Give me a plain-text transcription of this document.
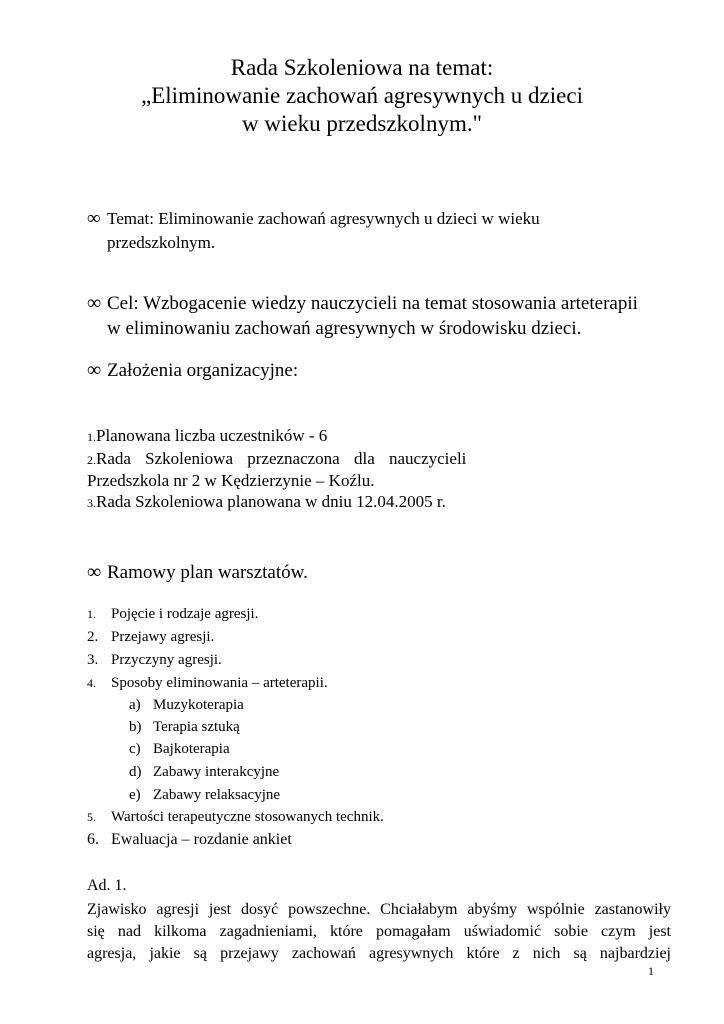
Rada Szkoleniowa na temat:
„Eliminowanie zachowań agresywnych u dzieci
w wieku przedszkolnym."
∞ Temat: Eliminowanie zachowań agresywnych u dzieci w wieku
przedszkolnym.
∞ Cel: Wzbogacenie wiedzy nauczycieli na temat stosowania arteterapii
w eliminowaniu zachowań agresywnych w środowisku dzieci.
∞ Założenia organizacyjne:
1.Planowana liczba uczestników - 6
2.Rada Szkoleniowa przeznaczona dla nauczycieli
Przedszkola nr 2 w Kędzierzynie – Koźlu.
3.Rada Szkoleniowa planowana w dniu 12.04.2005 r.
∞ Ramowy plan warsztatów.
1. Pojęcie i rodzaje agresji.
2. Przejawy agresji.
3. Przyczyny agresji.
4. Sposoby eliminowania – arteterapii.
a) Muzykoterapia
b) Terapia sztuką
c) Bajkoterapia
d) Zabawy interakcyjne
e) Zabawy relaksacyjne
5. Wartości terapeutyczne stosowanych technik.
6. Ewaluacja – rozdanie ankiet
Ad. 1.
Zjawisko agresji jest dosyć powszechne. Chciałabym abyśmy wspólnie zastanowiły
się nad kilkoma zagadnieniami, które pomagałam uświadomić sobie czym jest
agresja, jakie są przejawy zachowań agresywnych które z nich są najbardziej
1
